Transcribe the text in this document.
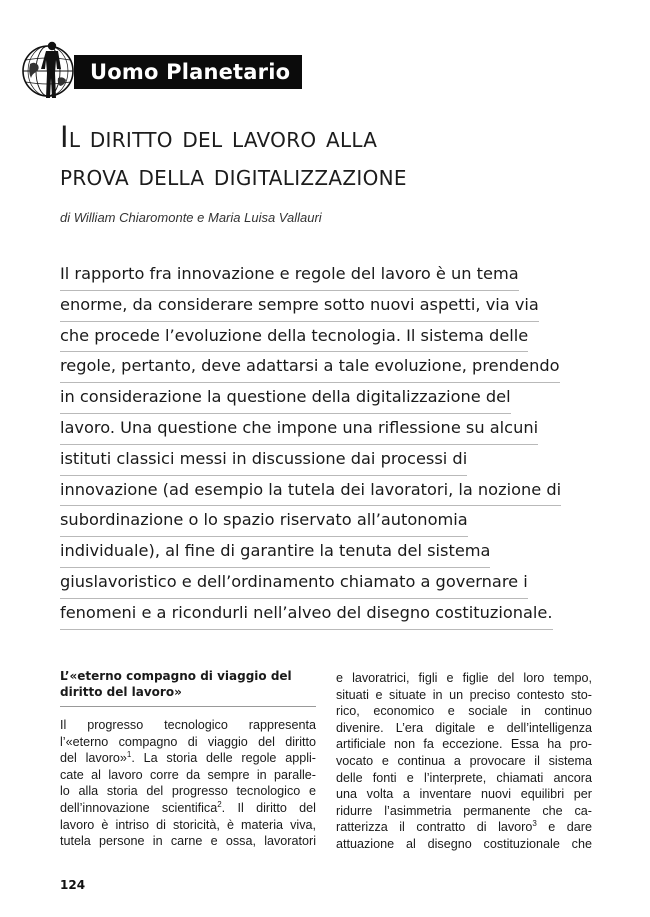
Uomo Planetario
Il diritto del lavoro alla
prova della digitalizzazione
di William Chiaromonte e Maria Luisa Vallauri
Il rapporto fra innovazione e regole del lavoro è un tema
enorme, da considerare sempre sotto nuovi aspetti, via via
che procede l’evoluzione della tecnologia. Il sistema delle
regole, pertanto, deve adattarsi a tale evoluzione, prendendo
in considerazione la questione della digitalizzazione del
lavoro. Una questione che impone una riflessione su alcuni
istituti classici messi in discussione dai processi di
innovazione (ad esempio la tutela dei lavoratori, la nozione di
subordinazione o lo spazio riservato all’autonomia
individuale), al fine di garantire la tenuta del sistema
giuslavoristico e dell’ordinamento chiamato a governare i
fenomeni e a ricondurli nell’alveo del disegno costituzionale.
L’«eterno compagno di viaggio del
diritto del lavoro»
Il progresso tecnologico rappresenta
l’«eterno compagno di viaggio del diritto
del lavoro»$^1$. La storia delle regole appli-
cate al lavoro corre da sempre in paralle-
lo alla storia del progresso tecnologico e
dell’innovazione scientifica$^2$. Il diritto del
lavoro è intriso di storicità, è materia viva,
tutela persone in carne e ossa, lavoratori
e lavoratrici, figli e figlie del loro tempo,
situati e situate in un preciso contesto sto-
rico, economico e sociale in continuo
divenire. L’era digitale e dell’intelligenza
artificiale non fa eccezione. Essa ha pro-
vocato e continua a provocare il sistema
delle fonti e l’interprete, chiamati ancora
una volta a inventare nuovi equilibri per
ridurre l’asimmetria permanente che ca-
ratterizza il contratto di lavoro$^3$ e dare
attuazione al disegno costituzionale che
124
